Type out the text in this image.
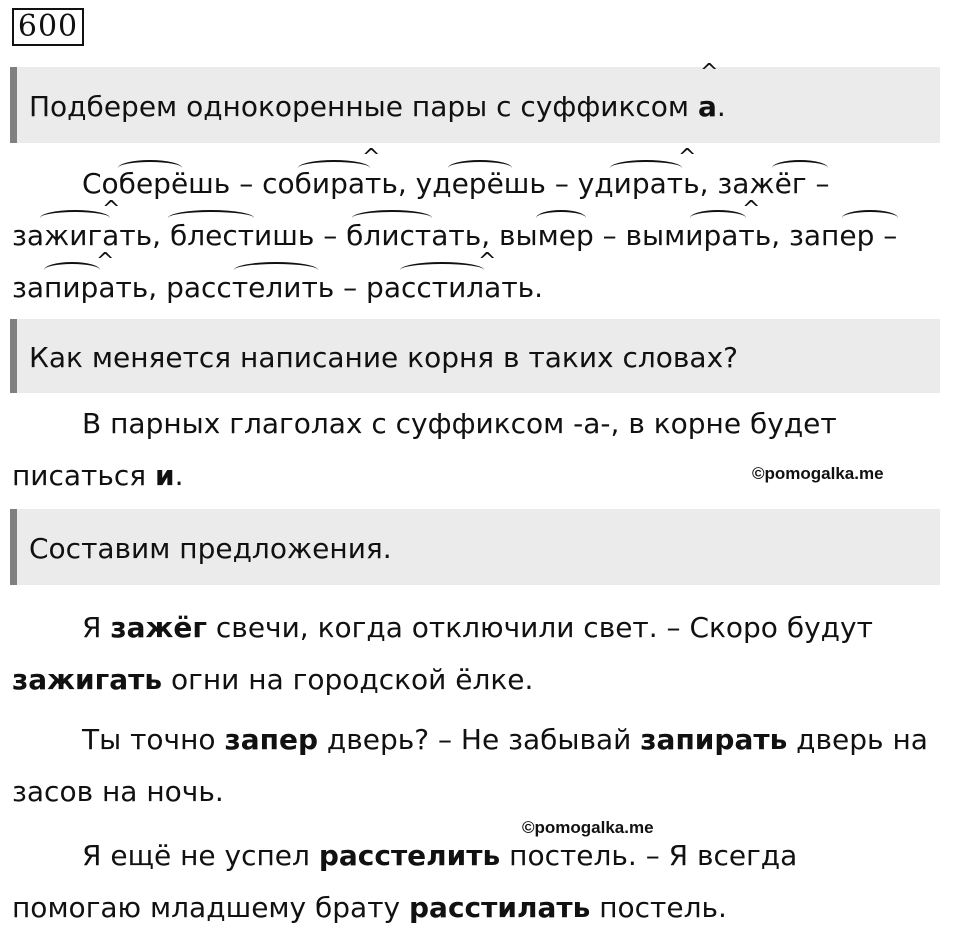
600
Подберем однокоренные пары с суффиксом
^
а.
Соберёшь – собирать, удерёшь – удирать, зажёг –
зажигать, блестишь – блистать, вымер – вымирать, запер –
запирать, расстелить – расстилать.
^	^
^	^
^	^
Как меняется написание корня в таких словах?
В парных глаголах с суффиксом -а-, в корне будет писаться и.	©pomogalka.me
Составим предложения.
Я зажёг свечи, когда отключили свет. – Скоро будут зажигать огни на городской ёлке.
Ты точно запер дверь? – Не забывай запирать дверь на засов на ночь.
©pomogalka.me
Я ещё не успел расстелить постель. – Я всегда помогаю младшему брату расстилать постель.
